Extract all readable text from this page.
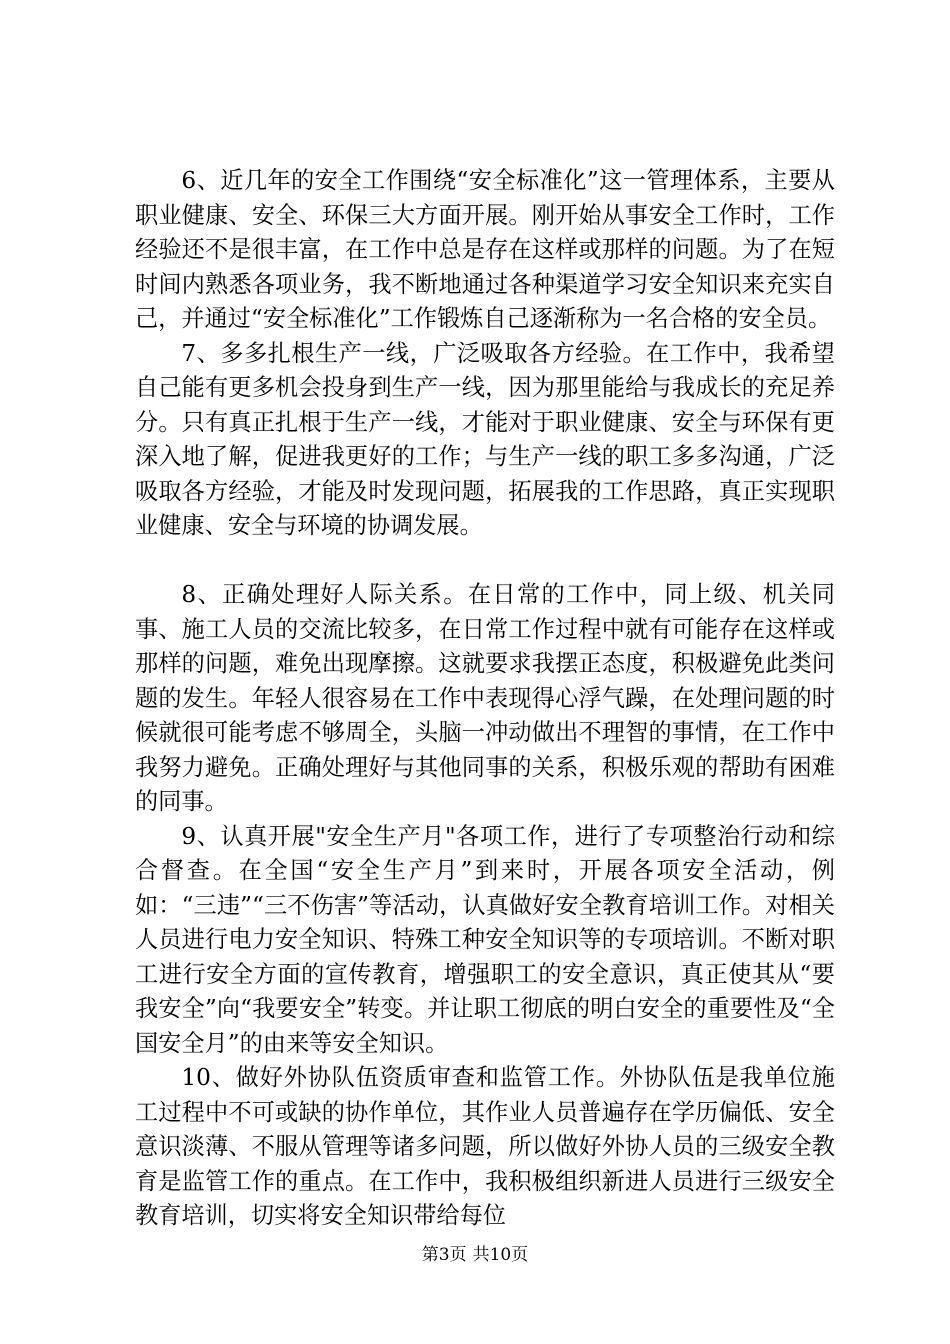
6、近几年的安全工作围绕“安全标准化”这一管理体系，主要从职业健康、安全、环保三大方面开展。刚开始从事安全工作时，工作经验还不是很丰富，在工作中总是存在这样或那样的问题。为了在短时间内熟悉各项业务，我不断地通过各种渠道学习安全知识来充实自己，并通过“安全标准化”工作锻炼自己逐渐称为一名合格的安全员。

7、多多扎根生产一线，广泛吸取各方经验。在工作中，我希望自己能有更多机会投身到生产一线，因为那里能给与我成长的充足养分。只有真正扎根于生产一线，才能对于职业健康、安全与环保有更深入地了解，促进我更好的工作；与生产一线的职工多多沟通，广泛吸取各方经验，才能及时发现问题，拓展我的工作思路，真正实现职业健康、安全与环境的协调发展。

8、正确处理好人际关系。在日常的工作中，同上级、机关同事、施工人员的交流比较多，在日常工作过程中就有可能存在这样或那样的问题，难免出现摩擦。这就要求我摆正态度，积极避免此类问题的发生。年轻人很容易在工作中表现得心浮气躁，在处理问题的时候就很可能考虑不够周全，头脑一冲动做出不理智的事情，在工作中我努力避免。正确处理好与其他同事的关系，积极乐观的帮助有困难的同事。

9、认真开展"安全生产月"各项工作，进行了专项整治行动和综合督查。在全国“安全生产月”到来时，开展各项安全活动，例如：“三违”“三不伤害”等活动，认真做好安全教育培训工作。对相关人员进行电力安全知识、特殊工种安全知识等的专项培训。不断对职工进行安全方面的宣传教育，增强职工的安全意识，真正使其从“要我安全”向“我要安全”转变。并让职工彻底的明白安全的重要性及“全国安全月”的由来等安全知识。

10、做好外协队伍资质审查和监管工作。外协队伍是我单位施工过程中不可或缺的协作单位，其作业人员普遍存在学历偏低、安全意识淡薄、不服从管理等诸多问题，所以做好外协人员的三级安全教育是监管工作的重点。在工作中，我积极组织新进人员进行三级安全教育培训，切实将安全知识带给每位

第3页 共10页
